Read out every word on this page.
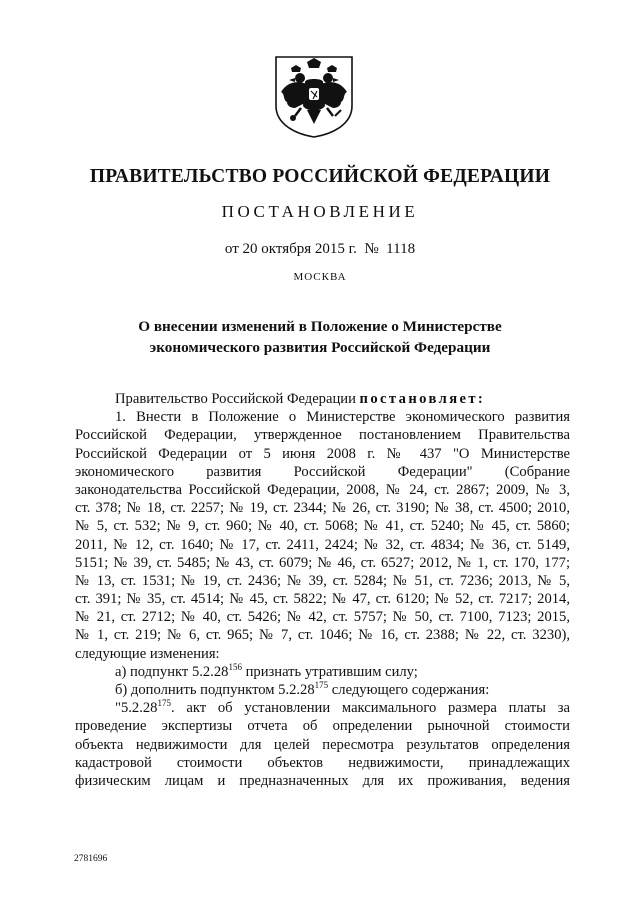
ПРАВИТЕЛЬСТВО РОССИЙСКОЙ ФЕДЕРАЦИИ
ПОСТАНОВЛЕНИЕ
от 20 октября 2015 г.  №  1118
МОСКВА
О внесении изменений в Положение о Министерстве
экономического развития Российской Федерации
Правительство Российской Федерации постановляет:
1. Внести в Положение о Министерстве экономического развития
Российской Федерации, утвержденное постановлением Правительства
Российской Федерации от 5 июня 2008 г. № 437 "О Министерстве
экономического развития Российской Федерации" (Собрание
законодательства Российской Федерации, 2008, № 24, ст. 2867; 2009, № 3,
ст. 378; № 18, ст. 2257; № 19, ст. 2344; № 26, ст. 3190; № 38, ст. 4500; 2010,
№ 5, ст. 532; № 9, ст. 960; № 40, ст. 5068; № 41, ст. 5240; № 45, ст. 5860;
2011, № 12, ст. 1640; № 17, ст. 2411, 2424; № 32, ст. 4834; № 36, ст. 5149,
5151; № 39, ст. 5485; № 43, ст. 6079; № 46, ст. 6527; 2012, № 1, ст. 170, 177;
№ 13, ст. 1531; № 19, ст. 2436; № 39, ст. 5284; № 51, ст. 7236; 2013, № 5,
ст. 391; № 35, ст. 4514; № 45, ст. 5822; № 47, ст. 6120; № 52, ст. 7217; 2014,
№ 21, ст. 2712; № 40, ст. 5426; № 42, ст. 5757; № 50, ст. 7100, 7123; 2015,
№ 1, ст. 219; № 6, ст. 965; № 7, ст. 1046; № 16, ст. 2388; № 22, ст. 3230),
следующие изменения:
а) подпункт 5.2.28$^{156}$ признать утратившим силу;
б) дополнить подпунктом 5.2.28$^{175}$ следующего содержания:
"5.2.28$^{175}$. акт об установлении максимального размера платы за
проведение экспертизы отчета об определении рыночной стоимости
объекта недвижимости для целей пересмотра результатов определения
кадастровой стоимости объектов недвижимости, принадлежащих
физическим лицам и предназначенных для их проживания, ведения
2781696
